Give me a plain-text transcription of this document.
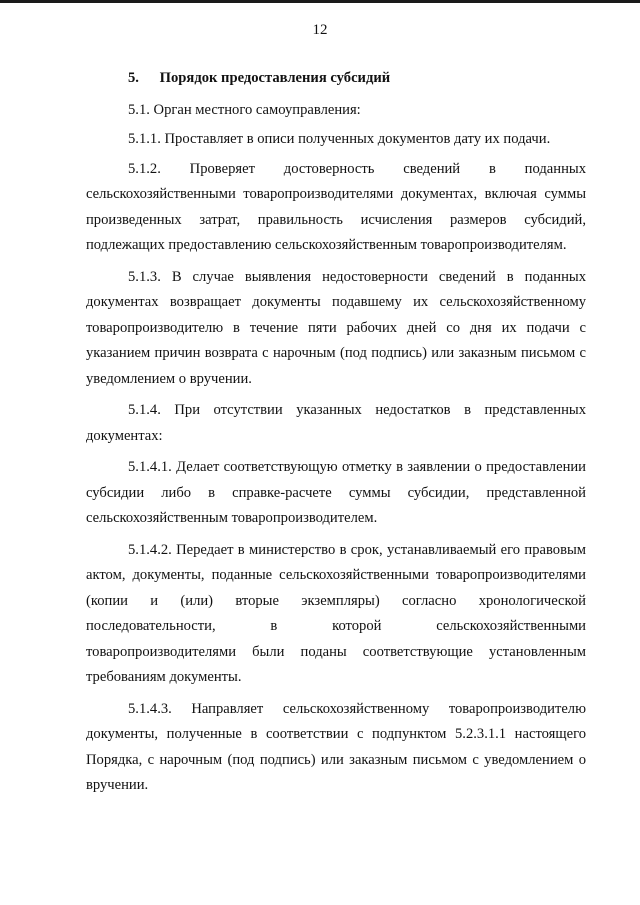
12
5. Порядок предоставления субсидий

5.1. Орган местного самоуправления:

5.1.1. Проставляет в описи полученных документов дату их подачи.

5.1.2. Проверяет достоверность сведений в поданных сельскохозяйственными товаропроизводителями документах, включая суммы произведенных затрат, правильность исчисления размеров субсидий, подлежащих предоставлению сельскохозяйственным товаропроизводителям.

5.1.3. В случае выявления недостоверности сведений в поданных документах возвращает документы подавшему их сельскохозяйственному товаропроизводителю в течение пяти рабочих дней со дня их подачи с указанием причин возврата с нарочным (под подпись) или заказным письмом с уведомлением о вручении.

5.1.4. При отсутствии указанных недостатков в представленных документах:

5.1.4.1. Делает соответствующую отметку в заявлении о предоставлении субсидии либо в справке-расчете суммы субсидии, представленной сельскохозяйственным товаропроизводителем.

5.1.4.2. Передает в министерство в срок, устанавливаемый его правовым актом, документы, поданные сельскохозяйственными товаропроизводителями (копии и (или) вторые экземпляры) согласно хронологической последовательности, в которой сельскохозяйственными товаропроизводителями были поданы соответствующие установленным требованиям документы.

5.1.4.3. Направляет сельскохозяйственному товаропроизводителю документы, полученные в соответствии с подпунктом 5.2.3.1.1 настоящего Порядка, с нарочным (под подпись) или заказным письмом с уведомлением о вручении.
